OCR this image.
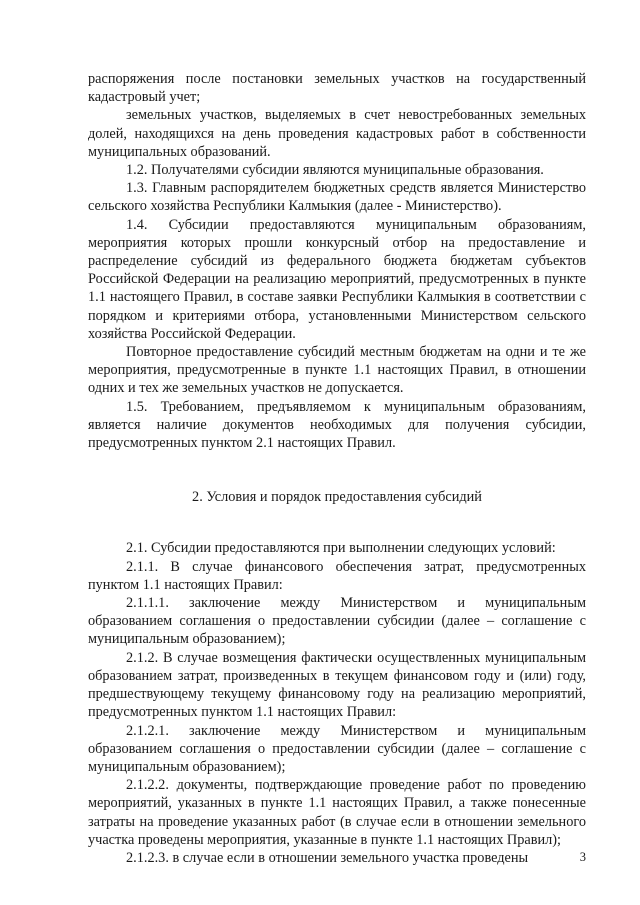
распоряжения после постановки земельных участков на государственный кадастровый учет;

земельных участков, выделяемых в счет невостребованных земельных долей, находящихся на день проведения кадастровых работ в собственности муниципальных образований.

1.2. Получателями субсидии являются муниципальные образования.

1.3. Главным распорядителем бюджетных средств является Министерство сельского хозяйства Республики Калмыкия (далее - Министерство).

1.4. Субсидии предоставляются муниципальным образованиям, мероприятия которых прошли конкурсный отбор на предоставление и распределение субсидий из федерального бюджета бюджетам субъектов Российской Федерации на реализацию мероприятий, предусмотренных в пункте 1.1 настоящего Правил, в составе заявки Республики Калмыкия в соответствии с порядком и критериями отбора, установленными Министерством сельского хозяйства Российской Федерации.

Повторное предоставление субсидий местным бюджетам на одни и те же мероприятия, предусмотренные в пункте 1.1 настоящих Правил, в отношении одних и тех же земельных участков не допускается.

1.5. Требованием, предъявляемом к муниципальным образованиям, является наличие документов необходимых для получения субсидии, предусмотренных пунктом 2.1 настоящих Правил.

2. Условия и порядок предоставления субсидий

2.1. Субсидии предоставляются при выполнении следующих условий:

2.1.1. В случае финансового обеспечения затрат, предусмотренных пунктом 1.1 настоящих Правил:

2.1.1.1. заключение между Министерством и муниципальным образованием соглашения о предоставлении субсидии (далее – соглашение с муниципальным образованием);

2.1.2. В случае возмещения фактически осуществленных муниципальным образованием затрат, произведенных в текущем финансовом году и (или) году, предшествующему текущему финансовому году на реализацию мероприятий, предусмотренных пунктом 1.1 настоящих Правил:

2.1.2.1. заключение между Министерством и муниципальным образованием соглашения о предоставлении субсидии (далее – соглашение с муниципальным образованием);

2.1.2.2. документы, подтверждающие проведение работ по проведению мероприятий, указанных в пункте 1.1 настоящих Правил, а также понесенные затраты на проведение указанных работ (в случае если в отношении земельного участка проведены мероприятия, указанные в пункте 1.1 настоящих Правил);

2.1.2.3. в случае если в отношении земельного участка проведены	3
